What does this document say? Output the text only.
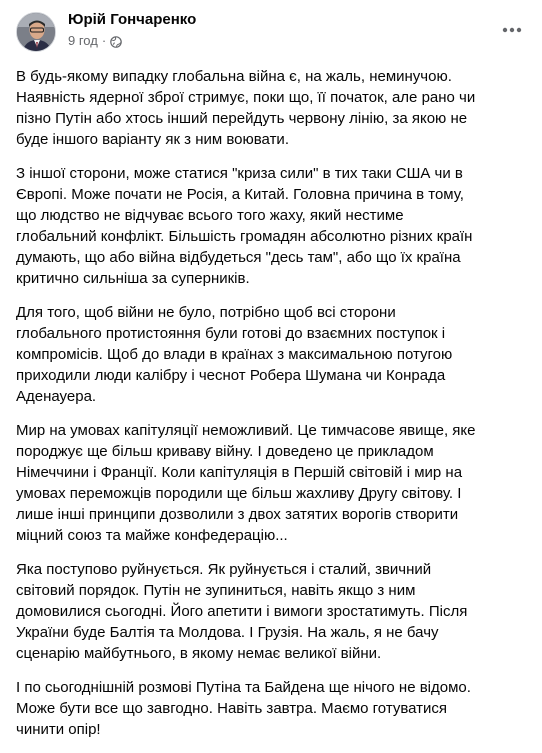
Юрій Гончаренко
9 год ·

В будь-якому випадку глобальна війна є, на жаль, неминучою.
Наявність ядерної зброї стримує, поки що, її початок, але рано чи
пізно Путін або хтось інший перейдуть червону лінію, за якою не
буде іншого варіанту як з ним воювати.

З іншої сторони, може статися "криза сили" в тих таки США чи в
Європі. Може почати не Росія, а Китай. Головна причина в тому,
що людство не відчуває всього того жаху, який нестиме
глобальний конфлікт. Більшість громадян абсолютно різних країн
думають, що або війна відбудеться "десь там", або що їх країна
критично сильніша за суперників.

Для того, щоб війни не було, потрібно щоб всі сторони
глобального протистояння були готові до взаємних поступок і
компромісів. Щоб до влади в країнах з максимальною потугою
приходили люди калібру і чеснот Робера Шумана чи Конрада
Аденауера.

Мир на умовах капітуляції неможливий. Це тимчасове явище, яке
породжує ще більш криваву війну. І доведено це прикладом
Німеччини і Франції. Коли капітуляція в Першій світовій і мир на
умовах переможців породили ще більш жахливу Другу світову. І
лише інші принципи дозволили з двох затятих ворогів створити
міцний союз та майже конфедерацію...

Яка поступово руйнується. Як руйнується і сталий, звичний
світовий порядок. Путін не зупиниться, навіть якщо з ним
домовилися сьогодні. Його апетити і вимоги зростатимуть. Після
України буде Балтія та Молдова. І Грузія. На жаль, я не бачу
сценарію майбутнього, в якому немає великої війни.

І по сьогоднішній розмові Путіна та Байдена ще нічого не відомо.
Може бути все що завгодно. Навіть завтра. Маємо готуватися
чинити опір!
